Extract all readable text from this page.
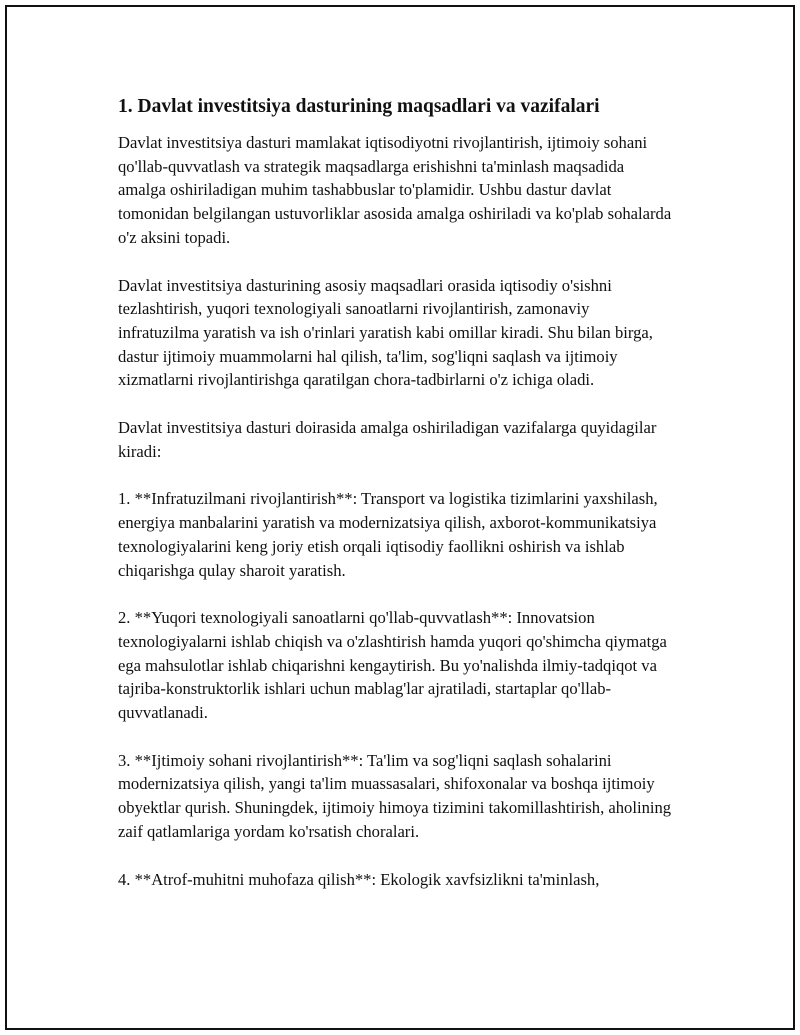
1. Davlat investitsiya dasturining maqsadlari va vazifalari

Davlat investitsiya dasturi mamlakat iqtisodiyotni rivojlantirish, ijtimoiy sohani qo'llab-quvvatlash va strategik maqsadlarga erishishni ta'minlash maqsadida amalga oshiriladigan muhim tashabbuslar to'plamidir. Ushbu dastur davlat tomonidan belgilangan ustuvorliklar asosida amalga oshiriladi va ko'plab sohalarda o'z aksini topadi.

Davlat investitsiya dasturining asosiy maqsadlari orasida iqtisodiy o'sishni tezlashtirish, yuqori texnologiyali sanoatlarni rivojlantirish, zamonaviy infratuzilma yaratish va ish o'rinlari yaratish kabi omillar kiradi. Shu bilan birga, dastur ijtimoiy muammolarni hal qilish, ta'lim, sog'liqni saqlash va ijtimoiy xizmatlarni rivojlantirishga qaratilgan chora-tadbirlarni o'z ichiga oladi.

Davlat investitsiya dasturi doirasida amalga oshiriladigan vazifalarga quyidagilar kiradi:

1. **Infratuzilmani rivojlantirish**: Transport va logistika tizimlarini yaxshilash, energiya manbalarini yaratish va modernizatsiya qilish, axborot-kommunikatsiya texnologiyalarini keng joriy etish orqali iqtisodiy faollikni oshirish va ishlab chiqarishga qulay sharoit yaratish.

2. **Yuqori texnologiyali sanoatlarni qo'llab-quvvatlash**: Innovatsion texnologiyalarni ishlab chiqish va o'zlashtirish hamda yuqori qo'shimcha qiymatga ega mahsulotlar ishlab chiqarishni kengaytirish. Bu yo'nalishda ilmiy-tadqiqot va tajriba-konstruktorlik ishlari uchun mablag'lar ajratiladi, startaplar qo'llab-quvvatlanadi.

3. **Ijtimoiy sohani rivojlantirish**: Ta'lim va sog'liqni saqlash sohalarini modernizatsiya qilish, yangi ta'lim muassasalari, shifoxonalar va boshqa ijtimoiy obyektlar qurish. Shuningdek, ijtimoiy himoya tizimini takomillashtirish, aholining zaif qatlamlariga yordam ko'rsatish choralari.

4. **Atrof-muhitni muhofaza qilish**: Ekologik xavfsizlikni ta'minlash,
